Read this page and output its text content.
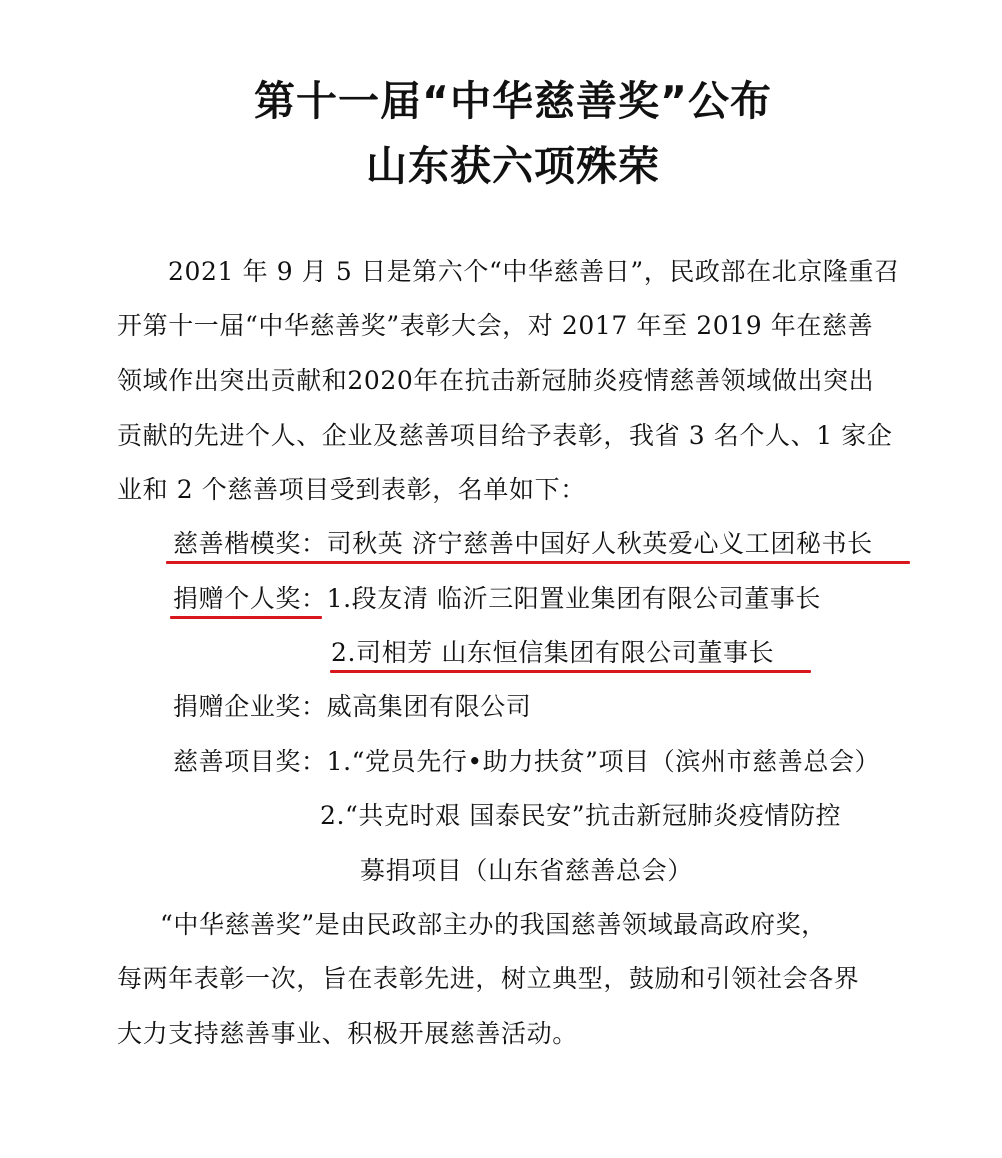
第十一届“中华慈善奖”公布
山东获六项殊荣
2021 年 9 月 5 日是第六个“中华慈善日”，民政部在北京隆重召
开第十一届“中华慈善奖”表彰大会，对 2017 年至 2019 年在慈善
领域作出突出贡献和2020年在抗击新冠肺炎疫情慈善领域做出突出
贡献的先进个人、企业及慈善项目给予表彰，我省 3 名个人、1 家企
业和 2 个慈善项目受到表彰，名单如下：
慈善楷模奖：司秋英 济宁慈善中国好人秋英爱心义工团秘书长
捐赠个人奖：1.段友清 临沂三阳置业集团有限公司董事长
2.司相芳 山东恒信集团有限公司董事长
捐赠企业奖：威高集团有限公司
慈善项目奖：1.“党员先行•助力扶贫”项目（滨州市慈善总会）
2.“共克时艰 国泰民安”抗击新冠肺炎疫情防控
募捐项目（山东省慈善总会）
“中华慈善奖”是由民政部主办的我国慈善领域最高政府奖，
每两年表彰一次，旨在表彰先进，树立典型，鼓励和引领社会各界
大力支持慈善事业、积极开展慈善活动。
